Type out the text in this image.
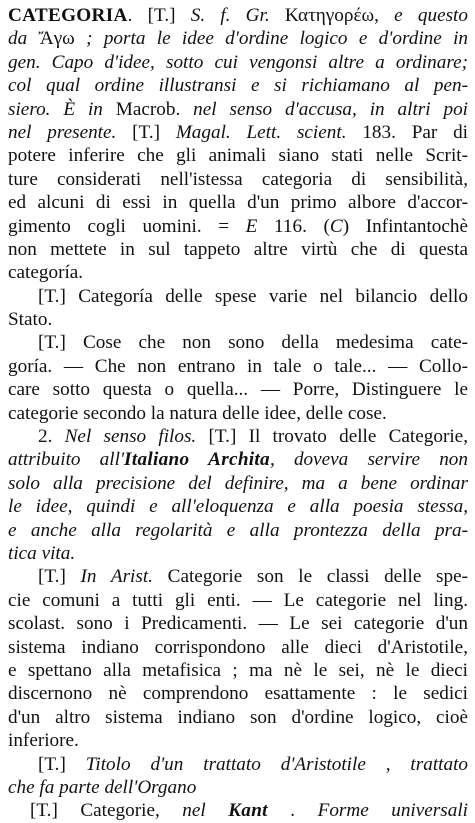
CATEGORIA. [T.] S. f. Gr. Κατηγορέω, e questo
da Ἄγω ; porta le idee d'ordine logico e d'ordine in
gen. Capo d'idee, sotto cui vengonsi altre a ordinare;
col qual ordine illustransi e si richiamano al pen-
siero. È in Macrob. nel senso d'accusa, in altri poi
nel presente. [T.] Magal. Lett. scient. 183. Par di
potere inferire che gli animali siano stati nelle Scrit-
ture considerati nell'istessa categoria di sensibilità,
ed alcuni di essi in quella d'un primo albore d'accor-
gimento cogli uomini. = E 116. (C) Infintantochè
non mettete in sul tappeto altre virtù che di questa
categoría.
[T.] Categoría delle spese varie nel bilancio dello
Stato.
[T.] Cose che non sono della medesima cate-
goría. — Che non entrano in tale o tale... — Collo-
care sotto questa o quella... — Porre, Distinguere le
categorie secondo la natura delle idee, delle cose.
2. Nel senso filos. [T.] Il trovato delle Categorie,
attribuito all'Italiano Archita, doveva servire non
solo alla precisione del definire, ma a bene ordinar
le idee, quindi e all'eloquenza e alla poesia stessa,
e anche alla regolarità e alla prontezza della pra-
tica vita.
[T.] In Arist. Categorie son le classi delle spe-
cie comuni a tutti gli enti. — Le categorie nel ling.
scolast. sono i Predicamenti. — Le sei categorie d'un
sistema indiano corrispondono alle dieci d'Aristotile,
e spettano alla metafisica ; ma nè le sei, nè le dieci
discernono nè comprendono esattamente : le sedici
d'un altro sistema indiano son d'ordine logico, cioè
inferiore.
[T.] Titolo d'un trattato d'Aristotile , trattato
che fa parte dell'Organo
[T.] Categorie, nel Kant . Forme universali
